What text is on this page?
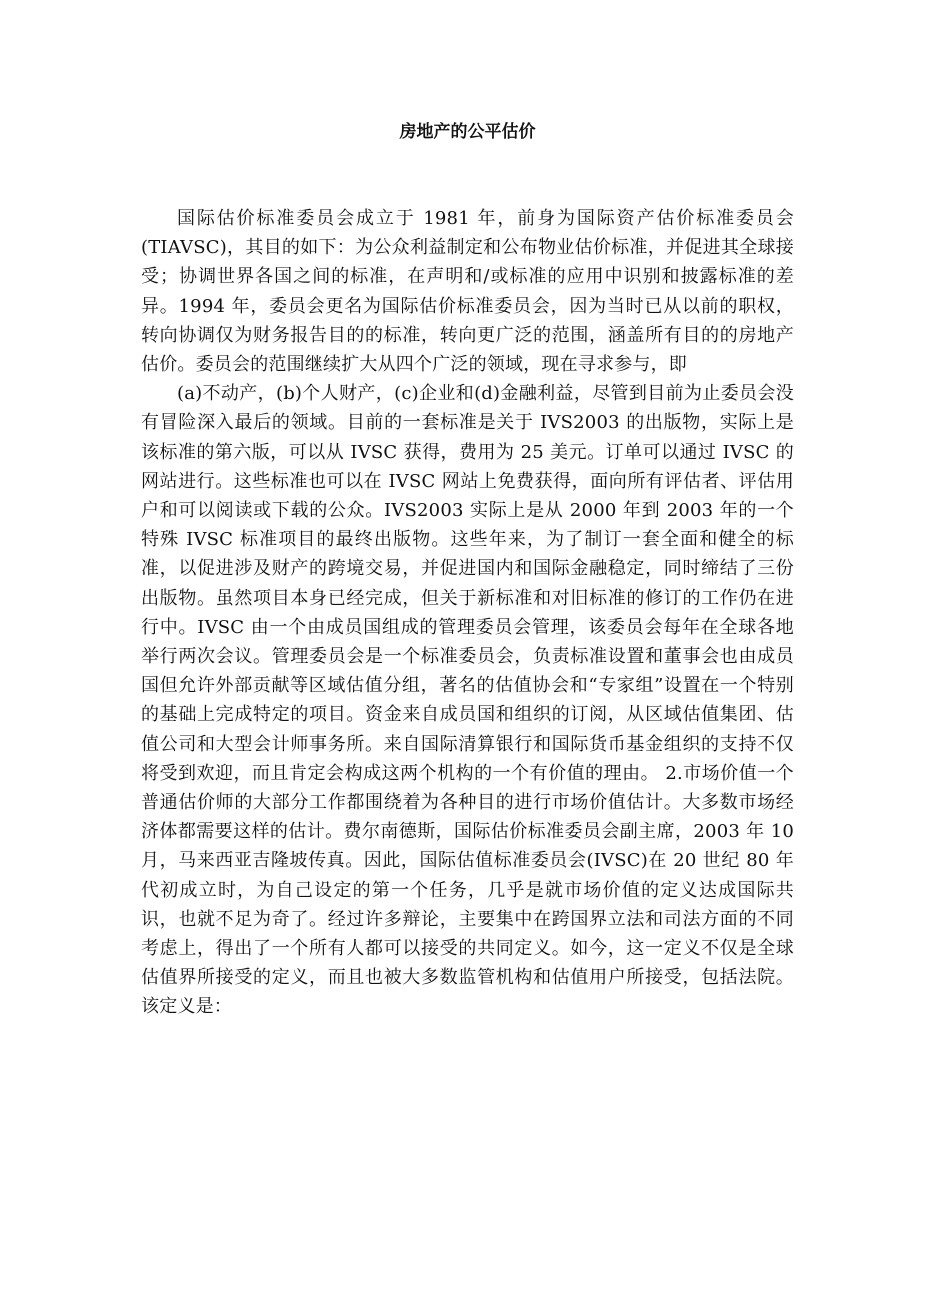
房地产的公平估价

国际估价标准委员会成立于 1981 年，前身为国际资产估价标准委员会(TIAVSC)，其目的如下：为公众利益制定和公布物业估价标准，并促进其全球接受；协调世界各国之间的标准，在声明和/或标准的应用中识别和披露标准的差异。1994 年，委员会更名为国际估价标准委员会，因为当时已从以前的职权，转向协调仅为财务报告目的的标准，转向更广泛的范围，涵盖所有目的的房地产估价。委员会的范围继续扩大从四个广泛的领域，现在寻求参与，即

(a)不动产，(b)个人财产，(c)企业和(d)金融利益，尽管到目前为止委员会没有冒险深入最后的领域。目前的一套标准是关于 IVS2003 的出版物，实际上是该标准的第六版，可以从 IVSC 获得，费用为 25 美元。订单可以通过 IVSC 的网站进行。这些标准也可以在 IVSC 网站上免费获得，面向所有评估者、评估用户和可以阅读或下载的公众。IVS2003 实际上是从 2000 年到 2003 年的一个特殊 IVSC 标准项目的最终出版物。这些年来，为了制订一套全面和健全的标准，以促进涉及财产的跨境交易，并促进国内和国际金融稳定，同时缔结了三份出版物。虽然项目本身已经完成，但关于新标准和对旧标准的修订的工作仍在进行中。IVSC 由一个由成员国组成的管理委员会管理，该委员会每年在全球各地举行两次会议。管理委员会是一个标准委员会，负责标准设置和董事会也由成员国但允许外部贡献等区域估值分组，著名的估值协会和“专家组”设置在一个特别的基础上完成特定的项目。资金来自成员国和组织的订阅，从区域估值集团、估值公司和大型会计师事务所。来自国际清算银行和国际货币基金组织的支持不仅将受到欢迎，而且肯定会构成这两个机构的一个有价值的理由。 2.市场价值一个普通估价师的大部分工作都围绕着为各种目的进行市场价值估计。大多数市场经济体都需要这样的估计。费尔南德斯，国际估价标准委员会副主席，2003 年 10 月，马来西亚吉隆坡传真。因此，国际估值标准委员会(IVSC)在 20 世纪 80 年代初成立时，为自己设定的第一个任务，几乎是就市场价值的定义达成国际共识，也就不足为奇了。经过许多辩论，主要集中在跨国界立法和司法方面的不同考虑上，得出了一个所有人都可以接受的共同定义。如今，这一定义不仅是全球估值界所接受的定义，而且也被大多数监管机构和估值用户所接受，包括法院。该定义是：
